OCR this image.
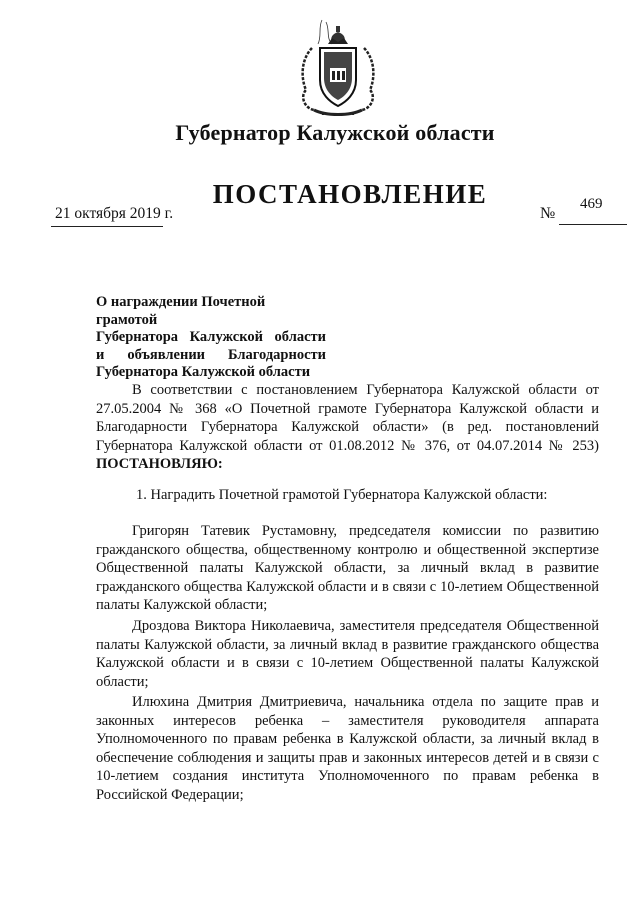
Губернатор Калужской области
ПОСТАНОВЛЕНИЕ
21 октября 2019 г.	№
469
О награждении Почетной грамотой
Губернатора Калужской области
и объявлении Благодарности
Губернатора Калужской области
В соответствии с постановлением Губернатора Калужской области от 27.05.2004 № 368 «О Почетной грамоте Губернатора Калужской области и Благодарности Губернатора Калужской области» (в ред. постановлений Губернатора Калужской области от 01.08.2012 № 376, от 04.07.2014 № 253) ПОСТАНОВЛЯЮ:
1. Наградить Почетной грамотой Губернатора Калужской области:
Григорян Татевик Рустамовну, председателя комиссии по развитию гражданского общества, общественному контролю и общественной экспертизе Общественной палаты Калужской области, за личный вклад в развитие гражданского общества Калужской области и в связи с 10-летием Общественной палаты Калужской области;
Дроздова Виктора Николаевича, заместителя председателя Общественной палаты Калужской области, за личный вклад в развитие гражданского общества Калужской области и в связи с 10-летием Общественной палаты Калужской области;
Илюхина Дмитрия Дмитриевича, начальника отдела по защите прав и законных интересов ребенка – заместителя руководителя аппарата Уполномоченного по правам ребенка в Калужской области, за личный вклад в обеспечение соблюдения и защиты прав и законных интересов детей и в связи с 10-летием создания института Уполномоченного по правам ребенка в Российской Федерации;
